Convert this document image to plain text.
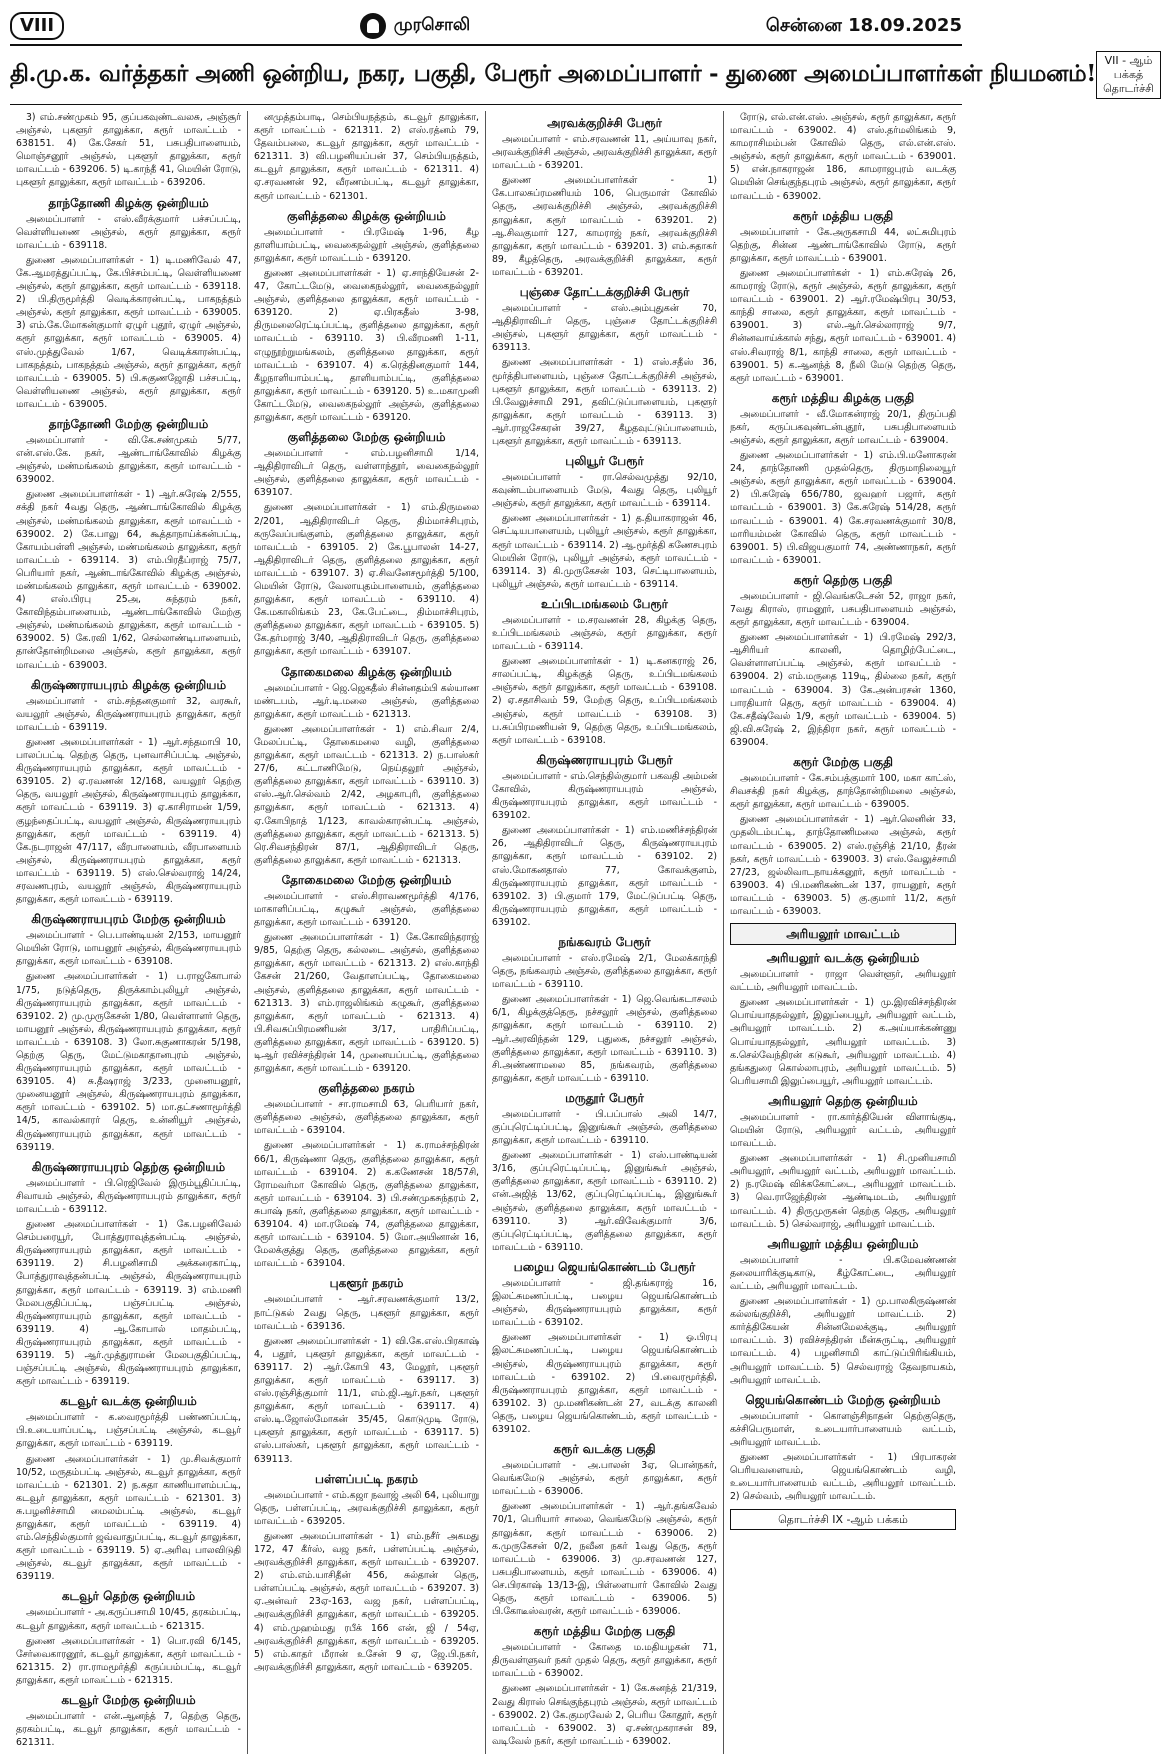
VIII	முரசொலி	சென்னை 18.09.2025
தி.மு.க. வர்த்தகர் அணி ஒன்றிய, நகர, பகுதி, பேரூர் அமைப்பாளர் - துணை அமைப்பாளர்கள் நியமனம்! VII - ஆம் பக்கத் தொடர்ச்சி

3) எம்.சண்முகம் 95, குப்பகவுண்டவலசு, அஞ்சூர் அஞ்சல், புகளூர் தாலுக்கா, கரூர் மாவட்டம் - 638151. 4) கே.சேகர் 51, பசுபதிபாளையம், மொஞ்சனூர் அஞ்சல், புகளூர் தாலுக்கா, கரூர் மாவட்டம் - 639206. 5) டி.காந்தீ 41, மெயின் ரோடு, புகளூர் தாலுக்கா, கரூர் மாவட்டம் - 639206.

தாந்தோணி கிழக்கு ஒன்றியம்

அமைப்பாளர் - எஸ்.வீரக்குமார் பச்சப்பட்டி, வெள்ளியணை அஞ்சல், கரூர் தாலுக்கா, கரூர் மாவட்டம் - 639118.

துணை அமைப்பாளர்கள் - 1) டி.மணிவேல் 47, கே.ஆமரத்துப்பட்டி, கே.பிச்சம்பட்டி, வெள்ளியணை அஞ்சல், கரூர் தாலுக்கா, கரூர் மாவட்டம் - 639118. 2) பி.திருமூர்த்தி வெடிக்காரன்பட்டி, பாகநத்தம் அஞ்சல், கரூர் தாலுக்கா, கரூர் மாவட்டம் - 639005. 3) எம்.கே.மோகன்குமார் ஏழுர் புதூர், ஏழுர் அஞ்சல், கரூர் தாலுக்கா, கரூர் மாவட்டம் - 639005. 4) எஸ்.முத்துவேல் 1/67, வெடிக்காரன்பட்டி, பாகநத்தம், பாகநத்தம் அஞ்சல், கரூர் தாலுக்கா, கரூர் மாவட்டம் - 639005. 5) பி.சுகுணஜோதி பச்சபட்டி, வெள்ளியணை அஞ்சல், கரூர் தாலுக்கா, கரூர் மாவட்டம் - 639005.

தாந்தோணி மேற்கு ஒன்றியம்

அமைப்பாளர் - வி.கே.சண்முகம் 5/77, என்.எஸ்.கே. நகர், ஆண்டாங்கோவில் கிழக்கு அஞ்சல், மண்மங்கலம் தாலுக்கா, கரூர் மாவட்டம் - 639002.

துணை அமைப்பாளர்கள் - 1) ஆர்.சுரேஷ் 2/555, சக்தி நகர் 4வது தெரு, ஆண்டாங்கோவில் கிழக்கு அஞ்சல், மண்மங்கலம் தாலுக்கா, கரூர் மாவட்டம் - 639002. 2) கே.பாலு 64, கூத்தாநாய்க்கன்பட்டி, கோயம்பள்ளி அஞ்சல், மண்மங்கலம் தாலுக்கா, கரூர் மாவட்டம் - 639114. 3) எம்.பிரதீப்ராஜ் 75/7, பெரியார் நகர், ஆண்டாங்கோவில் கிழக்கு அஞ்சல், மண்மங்கலம் தாலுக்கா, கரூர் மாவட்டம் - 639002. 4) எஸ்.பிரபு 25அ, சுந்தரம் நகர், கோவிந்தம்பாளையம், ஆண்டாங்கோவில் மேற்கு அஞ்சல், மண்மங்கலம் தாலுக்கா, கரூர் மாவட்டம் - 639002. 5) கே.ரவி 1/62, செல்லாண்டிபாளையம், தான்தோன்றிமலை அஞ்சல், கரூர் தாலுக்கா, கரூர் மாவட்டம் - 639003.

கிருஷ்ணராயபுரம் கிழக்கு ஒன்றியம்

அமைப்பாளர் - எம்.சந்தனகுமார் 32, வரகூர், வயலூர் அஞ்சல், கிருஷ்ணராயபுரம் தாலுக்கா, கரூர் மாவட்டம் - 639119.

துணை அமைப்பாளர்கள் - 1) ஆர்.சந்தமாபி 10, பாலப்பட்டி தெற்கு தெரு, புனவாசிப்பட்டி அஞ்சல், கிருஷ்ணராயபுரம் தாலுக்கா, கரூர் மாவட்டம் - 639105. 2) ஏ.ரவணன் 12/168, வயலூர் தெற்கு தெரு, வயலூர் அஞ்சல், கிருஷ்ணராயபுரம் தாலுக்கா, கரூர் மாவட்டம் - 639119. 3) ஏ.காசிராமன் 1/59, குழந்தைப்பட்டி, வயலூர் அஞ்சல், கிருஷ்ணராயபுரம் தாலுக்கா, கரூர் மாவட்டம் - 639119. 4) கே.நடராஜன் 47/117, வீரபாளையம், வீரபாளையம் அஞ்சல், கிருஷ்ணராயபுரம் தாலுக்கா, கரூர் மாவட்டம் - 639119. 5) எஸ்.செல்வராஜ் 14/24, சரவணபுரம், வயலூர் அஞ்சல், கிருஷ்ணராயபுரம் தாலுக்கா, கரூர் மாவட்டம் - 639119.

கிருஷ்ணராயபுரம் மேற்கு ஒன்றியம்

அமைப்பாளர் - பெ.பாண்டியன் 2/153, மாயனூர் மெயின் ரோடு, மாயனூர் அஞ்சல், கிருஷ்ணராயபுரம் தாலுக்கா, கரூர் மாவட்டம் - 639108.

துணை அமைப்பாளர்கள் - 1) ப.ராஜகோபால் 1/75, நடுத்தெரு, திருக்காம்புலியூர் அஞ்சல், கிருஷ்ணராயபுரம் தாலுக்கா, கரூர் மாவட்டம் - 639102. 2) மு.முருகேசன் 1/80, வெள்ளாளர் தெரு, மாயனூர் அஞ்சல், கிருஷ்ணராயபுரம் தாலுக்கா, கரூர் மாவட்டம் - 639108. 3) லோ.சுகுணாகரன் 5/198, தெற்கு தெரு, மேட்டுமகாதானபுரம் அஞ்சல், கிருஷ்ணராயபுரம் தாலுக்கா, கரூர் மாவட்டம் - 639105. 4) சு.தீஷராஜ் 3/233, முனையனூர், முனையனூர் அஞ்சல், கிருஷ்ணராயபுரம் தாலுக்கா, கரூர் மாவட்டம் - 639102. 5) மா.தட்சணாமூர்த்தி 14/5, காவல்காரர் தெரு, உன்னியூர் அஞ்சல், கிருஷ்ணராயபுரம் தாலுக்கா, கரூர் மாவட்டம் - 639119.

கிருஷ்ணராயபுரம் தெற்கு ஒன்றியம்

அமைப்பாளர் - பி.ரெஜிவேல் இரும்பூதிப்பட்டி, சிவாயம் அஞ்சல், கிருஷ்ணராயபுரம் தாலுக்கா, கரூர் மாவட்டம் - 639112.

துணை அமைப்பாளர்கள் - 1) கே.பழனிவேல் செம்பரையூர், போத்துராவுத்தன்பட்டி அஞ்சல், கிருஷ்ணராயபுரம் தாலுக்கா, கரூர் மாவட்டம் - 639119. 2) சி.பழனிசாமி அக்கரைகாட்டி, போத்துராவுத்தன்பட்டி அஞ்சல், கிருஷ்ணராயபுரம் தாலுக்கா, கரூர் மாவட்டம் - 639119. 3) எம்.மணி மேலபகுதிப்பட்டி, பஞ்சப்பட்டி அஞ்சல், கிருஷ்ணராயபுரம் தாலுக்கா, கரூர் மாவட்டம் - 639119. 4) ஆ.கோபால் மாதம்பட்டி, கிருஷ்ணராயபுரம் தாலுக்கா, கரூர் மாவட்டம் - 639119. 5) ஆர்.முத்துராமன் மேலபகுதிப்பட்டி, பஞ்சப்பட்டி அஞ்சல், கிருஷ்ணராயபுரம் தாலுக்கா, கரூர் மாவட்டம் - 639119.

கடவூர் வடக்கு ஒன்றியம்

அமைப்பாளர் - க.வைரமூர்த்தி பண்ணப்பட்டி, பி.உடையாப்பட்டி, பஞ்சப்பட்டி அஞ்சல், கடவூர் தாலுக்கா, கரூர் மாவட்டம் - 639119.

துணை அமைப்பாளர்கள் - 1) மு.சிவக்குமார் 10/52, மருதம்பட்டி அஞ்சல், கடவூர் தாலுக்கா, கரூர் மாவட்டம் - 621301. 2) ந.சுதா காணியாளம்பட்டி, கடவூர் தாலுக்கா, கரூர் மாவட்டம் - 621301. 3) சு.பழனிச்சாமி மைலம்பட்டி அஞ்சல், கடவூர் தாலுக்கா, கரூர் மாவட்டம் - 639119. 4) எம்.செந்தில்குமார் ஜவ்வாதுப்பட்டி, கடவூர் தாலுக்கா, கரூர் மாவட்டம் - 639119. 5) ஏ.அரிவு பாலவிடுதி அஞ்சல், கடவூர் தாலுக்கா, கரூர் மாவட்டம் - 639119.

கடவூர் தெற்கு ஒன்றியம்

அமைப்பாளர் - அ.கருப்பசாமி 10/45, தரகம்பட்டி, கடவூர் தாலுக்கா, கரூர் மாவட்டம் - 621315.

துணை அமைப்பாளர்கள் - 1) பொ.ரவி 6/145, சேர்வைகாரனூர், கடவூர் தாலுக்கா, கரூர் மாவட்டம் - 621315. 2) ரா.ராமமூர்த்தி கருப்பம்பட்டி, கடவூர் தாலுக்கா, கரூர் மாவட்டம் - 621315.

கடவூர் மேற்கு ஒன்றியம்

அமைப்பாளர் - என்.ஆனந்த் 7, தெற்கு தெரு, தரகம்பட்டி, கடவூர் தாலுக்கா, கரூர் மாவட்டம் - 621311.

னமுத்தம்பாடி, செம்பியநத்தம், கடவூர் தாலுக்கா, கரூர் மாவட்டம் - 621311. 2) எஸ்.ரத்னம் 79, தேவம்பலை, கடவூர் தாலுக்கா, கரூர் மாவட்டம் - 621311. 3) வி.பழனியப்பன் 37, செம்பியநத்தம், கடவூர் தாலுக்கா, கரூர் மாவட்டம் - 621311. 4) ஏ.சரவணன் 92, வீரணம்பட்டி, கடவூர் தாலுக்கா, கரூர் மாவட்டம் - 621301.

குளித்தலை கிழக்கு ஒன்றியம்

அமைப்பாளர் - பி.ரமேஷ் 1-96, கீழ தாளியாம்பட்டி, வைகைநல்லூர் அஞ்சல், குளித்தலை தாலுக்கா, கரூர் மாவட்டம் - 639120.

துணை அமைப்பாளர்கள் - 1) ஏ.சாந்தியேசன் 2-47, கோட்டமேடு, வைகைநல்லூர், வைகைநல்லூர் அஞ்சல், குளித்தலை தாலுக்கா, கரூர் மாவட்டம் - 639120. 2) ஏ.பிரகதீஸ் 3-98, திருமலைரெட்டிப்பட்டி, குளித்தலை தாலுக்கா, கரூர் மாவட்டம் - 639110. 3) பி.வீரமணி 1-11, எழுநூற்றுமங்கலம், குளித்தலை தாலுக்கா, கரூர் மாவட்டம் - 639107. 4) க.ரெத்தினகுமார் 144, கீழநாளியாம்பட்டி, தாளியாம்பட்டி, குளித்தலை தாலுக்கா, கரூர் மாவட்டம் - 639120. 5) உ.மகாமுனி கோட்டமேடு, வைகைநல்லூர் அஞ்சல், குளித்தலை தாலுக்கா, கரூர் மாவட்டம் - 639120.

குளித்தலை மேற்கு ஒன்றியம்

அமைப்பாளர் - எம்.பழனிசாமி 1/14, ஆதிதிராவிடர் தெரு, வள்ளாந்தூர், வைகைநல்லூர் அஞ்சல், குளித்தலை தாலுக்கா, கரூர் மாவட்டம் - 639107.

துணை அமைப்பாளர்கள் - 1) எம்.திருமலை 2/201, ஆதிதிராவிடர் தெரு, திம்மாச்சிபுரம், கருவேப்பங்குளம், குளித்தலை தாலுக்கா, கரூர் மாவட்டம் - 639105. 2) கே.பூபாலன் 14-27, ஆதிதிராவிடர் தெரு, குளித்தலை தாலுக்கா, கரூர் மாவட்டம் - 639107. 3) ஏ.சிவனேசமூர்த்தி 5/100, மெயின் ரோடு, வேலாயுதம்பாளையம், குளித்தலை தாலுக்கா, கரூர் மாவட்டம் - 639110. 4) கே.மகாலிங்கம் 23, கே.பேட்டை, திம்மாச்சிபுரம், குளித்தலை தாலுக்கா, கரூர் மாவட்டம் - 639105. 5) கே.தர்மராஜ் 3/40, ஆதிதிராவிடர் தெரு, குளித்தலை தாலுக்கா, கரூர் மாவட்டம் - 639107.

தோகைமலை கிழக்கு ஒன்றியம்

அமைப்பாளர் - ஜெ.ஜெகதீஸ் சின்னதம்பி கல்யாண மண்டபம், ஆர்.டி.மலை அஞ்சல், குளித்தலை தாலுக்கா, கரூர் மாவட்டம் - 621313.

துணை அமைப்பாளர்கள் - 1) எம்.சிவா 2/4, மேலப்பட்டி, தோகைமலை வழி, குளித்தலை தாலுக்கா, கரூர் மாவட்டம் - 621313. 2) ந.பாஸ்கர் 27/6, கட்டாணிமேடு, நெய்தலூர் அஞ்சல், குளித்தலை தாலுக்கா, கரூர் மாவட்டம் - 639110. 3) எஸ்.ஆர்.செல்வம் 2/42, அழகாபுரி, குளித்தலை தாலுக்கா, கரூர் மாவட்டம் - 621313. 4) ஏ.கோபிநாத் 1/123, காவல்காரன்பட்டி அஞ்சல், குளித்தலை தாலுக்கா, கரூர் மாவட்டம் - 621313. 5) ரெ.சிவசந்திரன் 87/1, ஆதிதிராவிடர் தெரு, குளித்தலை தாலுக்கா, கரூர் மாவட்டம் - 621313.

தோகைமலை மேற்கு ஒன்றியம்

அமைப்பாளர் - எஸ்.சிராவணமூர்த்தி 4/176, மாகாளிப்பட்டி, கழுகூர் அஞ்சல், குளித்தலை தாலுக்கா, கரூர் மாவட்டம் - 639120.

துணை அமைப்பாளர்கள் - 1) கே.கோவிந்தராஜ் 9/85, தெற்கு தெரு, கல்லடை அஞ்சல், குளித்தலை தாலுக்கா, கரூர் மாவட்டம் - 621313. 2) எஸ்.காந்தி கேசன் 21/260, வேதாளப்பட்டி, தோகைமலை அஞ்சல், குளித்தலை தாலுக்கா, கரூர் மாவட்டம் - 621313. 3) எம்.ராஜலிங்கம் கழுகூர், குளித்தலை தாலுக்கா, கரூர் மாவட்டம் - 621313. 4) பி.சிவசுப்பிரமணியன் 3/17, பாதிரிப்பட்டி, குளித்தலை தாலுக்கா, கரூர் மாவட்டம் - 639120. 5) டிஆர் ரவிச்சந்திரன் 14, முனையப்பட்டி, குளித்தலை தாலுக்கா, கரூர் மாவட்டம் - 639120.

குளித்தலை நகரம்

அமைப்பாளர் - சா.ராமசாமி 63, பெரியார் நகர், குளித்தலை அஞ்சல், குளித்தலை தாலுக்கா, கரூர் மாவட்டம் - 639104.

துணை அமைப்பாளர்கள் - 1) க.ராமச்சந்திரன் 66/1, கிருஷ்ணா தெரு, குளித்தலை தாலுக்கா, கரூர் மாவட்டம் - 639104. 2) க.கணேசன் 18/57சி, ரோமவர்மா கோவில் தெரு, குளித்தலை தாலுக்கா, கரூர் மாவட்டம் - 639104. 3) பி.சண்முகசுந்தரம் 2, சுபாஷ் நகர், குளித்தலை தாலுக்கா, கரூர் மாவட்டம் - 639104. 4) மா.ரமேஷ் 74, குளித்தலை தாலுக்கா, கரூர் மாவட்டம் - 639104. 5) மோ.அயினான் 16, மேலக்குத்து தெரு, குளித்தலை தாலுக்கா, கரூர் மாவட்டம் - 639104.

புகளூர் நகரம்

அமைப்பாளர் - ஆர்.சரவணக்குமார் 13/2, நாட்டுகல் 2வது தெரு, புகளூர் தாலுக்கா, கரூர் மாவட்டம் - 639136.

துணை அமைப்பாளர்கள் - 1) வி.கே.எஸ்.பிரகாஷ் 4, பதூர், புகளூர் தாலுக்கா, கரூர் மாவட்டம் - 639117. 2) ஆர்.கோபி 43, மேலூர், புகளூர் தாலுக்கா, கரூர் மாவட்டம் - 639117. 3) எஸ்.ரஞ்சித்குமார் 11/1, எம்.ஜி.ஆர்.நகர், புகளூர் தாலுக்கா, கரூர் மாவட்டம் - 639117. 4) எஸ்.டி.ஜோஸ்மோகன் 35/45, கொடுமுடி ரோடு, புகளூர் தாலுக்கா, கரூர் மாவட்டம் - 639117. 5) எஸ்.பாஸ்கர், புகளூர் தாலுக்கா, கரூர் மாவட்டம் - 639113.

பள்ளப்பட்டி நகரம்

அமைப்பாளர் - எம்.கஜா நவாஜ் அலி 64, புலியாறு தெரு, பள்ளப்பட்டி, அரவக்குறிச்சி தாலுக்கா, கரூர் மாவட்டம் - 639205.

துணை அமைப்பாளர்கள் - 1) எம்.நசீர் அகமது 172, 47 கீர்ஸ், வஜ நகர், பள்ளப்பட்டி அஞ்சல், அரவக்குறிச்சி தாலுக்கா, கரூர் மாவட்டம் - 639207. 2) எம்.எம்.யாசிதீன் 456, சுல்தான் தெரு, பள்ளப்பட்டி அஞ்சல், கரூர் மாவட்டம் - 639207. 3) ஏ.அன்வர் 23ஏ-163, வஜ நகர், பள்ளப்பட்டி, அரவக்குறிச்சி தாலுக்கா, கரூர் மாவட்டம் - 639205. 4) எம்.முஹம்மது ரபீக் 166 என், ஜி / 54ஏ, அரவக்குறிச்சி தாலுக்கா, கரூர் மாவட்டம் - 639205. 5) எம்.காதர் மீரான் உசேன் 9 ஏ, ஜே.பி.நகர், அரவக்குறிச்சி தாலுக்கா, கரூர் மாவட்டம் - 639205.

அரவக்குறிச்சி பேரூர்

அமைப்பாளர் - எம்.சரவணன் 11, அய்யாவு நகர், அரவக்குறிச்சி அஞ்சல், அரவக்குறிச்சி தாலுக்கா, கரூர் மாவட்டம் - 639201.

துணை அமைப்பாளர்கள் - 1) கே.பாலசுப்ரமணியம் 106, பெருமாள் கோவில் தெரு, அரவக்குறிச்சி அஞ்சல், அரவக்குறிச்சி தாலுக்கா, கரூர் மாவட்டம் - 639201. 2) ஆ.சிவகுமார் 127, காமராஜ் நகர், அரவக்குறிச்சி தாலுக்கா, கரூர் மாவட்டம் - 639201. 3) எம்.சுதாகர் 89, கீழத்தெரு, அரவக்குறிச்சி தாலுக்கா, கரூர் மாவட்டம் - 639201.

புஞ்சை தோட்டக்குறிச்சி பேரூர்

அமைப்பாளர் - எஸ்.அம்புதுகன் 70, ஆதிதிராவிடர் தெரு, புஞ்சை தோட்டக்குறிச்சி அஞ்சல், புகளூர் தாலுக்கா, கரூர் மாவட்டம் - 639113.

துணை அமைப்பாளர்கள் - 1) எஸ்.சதீஸ் 36, மூர்த்திபாளையம், புஞ்சை தோட்டக்குறிச்சி அஞ்சல், புகளூர் தாலுக்கா, கரூர் மாவட்டம் - 639113. 2) பி.வேலுச்சாமி 291, தவிட்டுப்பாளையம், புகளூர் தாலுக்கா, கரூர் மாவட்டம் - 639113. 3) ஆர்.ராஜசேகரன் 39/27, கீழதவுட்டுப்பாளையம், புகளூர் தாலுக்கா, கரூர் மாவட்டம் - 639113.

புலியூர் பேரூர்

அமைப்பாளர் - ரா.செல்வமுத்து 92/10, கவுண்டம்பாளையம் மேடு, 4வது தெரு, புலியூர் அஞ்சல், கரூர் தாலுக்கா, கரூர் மாவட்டம் - 639114.

துணை அமைப்பாளர்கள் - 1) த.தியாகராஜன் 46, செட்டியபாளையம், புலியூர் அஞ்சல், கரூர் தாலுக்கா, கரூர் மாவட்டம் - 639114. 2) ஆ.மூர்த்தி கணேசபுரம் மெயின் ரோடு, புலியூர் அஞ்சல், கரூர் மாவட்டம் - 639114. 3) கி.முருகேசன் 103, செட்டிபாளையம், புலியூர் அஞ்சல், கரூர் மாவட்டம் - 639114.

உப்பிடமங்கலம் பேரூர்

அமைப்பாளர் - ம.சரவணன் 28, கிழக்கு தெரு, உப்பிடமங்கலம் அஞ்சல், கரூர் தாலுக்கா, கரூர் மாவட்டம் - 639114.

துணை அமைப்பாளர்கள் - 1) டி.கனகராஜ் 26, சாலப்பட்டி, கிழக்குத் தெரு, உப்பிடமங்கலம் அஞ்சல், கரூர் தாலுக்கா, கரூர் மாவட்டம் - 639108. 2) ஏ.சதாசிவம் 59, மேற்கு தெரு, உப்பிடமங்கலம் அஞ்சல், கரூர் மாவட்டம் - 639108. 3) ப.சுப்பிரமணியன் 9, தெற்கு தெரு, உப்பிடமங்கலம், கரூர் மாவட்டம் - 639108.

கிருஷ்ணராயபுரம் பேரூர்

அமைப்பாளர் - எம்.செந்தில்குமார் பகவதி அம்மன் கோவில், கிருஷ்ணராயபுரம் அஞ்சல், கிருஷ்ணராயபுரம் தாலுக்கா, கரூர் மாவட்டம் - 639102.

துணை அமைப்பாளர்கள் - 1) எம்.மணிச்சந்திரன் 26, ஆதிதிராவிடர் தெரு, கிருஷ்ணராயபுரம் தாலுக்கா, கரூர் மாவட்டம் - 639102. 2) எஸ்.மோகனதாஸ் 77, கோவக்குளம், கிருஷ்ணராயபுரம் தாலுக்கா, கரூர் மாவட்டம் - 639102. 3) பி.குமார் 179, மேட்டுப்பட்டி தெரு, கிருஷ்ணராயபுரம் தாலுக்கா, கரூர் மாவட்டம் - 639102.

நங்கவரம் பேரூர்

அமைப்பாளர் - எஸ்.ரமேஷ் 2/1, மேலக்காந்தி தெரு, நங்கவரம் அஞ்சல், குளித்தலை தாலுக்கா, கரூர் மாவட்டம் - 639110.

துணை அமைப்பாளர்கள் - 1) ஜெ.வெங்கடாசலம் 6/1, கிழக்குத்தெரு, நச்சலூர் அஞ்சல், குளித்தலை தாலுக்கா, கரூர் மாவட்டம் - 639110. 2) ஆர்.அரவிந்தன் 129, புதுகை, நச்சலூர் அஞ்சல், குளித்தலை தாலுக்கா, கரூர் மாவட்டம் - 639110. 3) சி.அண்ணாமலை 85, நங்கவரம், குளித்தலை தாலுக்கா, கரூர் மாவட்டம் - 639110.

மருதூர் பேரூர்

அமைப்பாளர் - பி.பப்பாஸ் அலி 14/7, குப்புரெட்டிப்பட்டி, இனுங்கூர் அஞ்சல், குளித்தலை தாலுக்கா, கரூர் மாவட்டம் - 639110.

துணை அமைப்பாளர்கள் - 1) எஸ்.பாண்டியன் 3/16, குப்புரெட்டிப்பட்டி, இனுங்கூர் அஞ்சல், குளித்தலை தாலுக்கா, கரூர் மாவட்டம் - 639110. 2) என்.அஜித் 13/62, குப்புரெட்டிப்பட்டி, இனுங்கூர் அஞ்சல், குளித்தலை தாலுக்கா, கரூர் மாவட்டம் - 639110. 3) ஆர்.விவேக்குமார் 3/6, குப்புரெட்டிப்பட்டி, குளித்தலை தாலுக்கா, கரூர் மாவட்டம் - 639110.

பழைய ஜெயங்கொண்டம் பேரூர்

அமைப்பாளர் - ஜி.தங்கராஜ் 16, இலட்சுமணப்பட்டி, பழைய ஜெயங்கொண்டம் அஞ்சல், கிருஷ்ணராயபுரம் தாலுக்கா, கரூர் மாவட்டம் - 639102.

துணை அமைப்பாளர்கள் - 1) ஓ.பிரபு இலட்சுமணப்பட்டி, பழைய ஜெயங்கொண்டம் அஞ்சல், கிருஷ்ணராயபுரம் தாலுக்கா, கரூர் மாவட்டம் - 639102. 2) பி.வைரமூர்த்தி, கிருஷ்ணராயபுரம் தாலுக்கா, கரூர் மாவட்டம் - 639102. 3) மு.மணிகண்டன் 27, வடக்கு காலனி தெரு, பழைய ஜெயங்கொண்டம், கரூர் மாவட்டம் - 639102.

கரூர் வடக்கு பகுதி

அமைப்பாளர் - அ.பாலன் 3ஏ, பொன்நகர், வெங்கமேடு அஞ்சல், கரூர் தாலுக்கா, கரூர் மாவட்டம் - 639006.

துணை அமைப்பாளர்கள் - 1) ஆர்.தங்கவேல் 70/1, பெரியார் சாலை, வெங்கமேடு அஞ்சல், கரூர் தாலுக்கா, கரூர் மாவட்டம் - 639006. 2) க.முருகேசன் 0/2, நவீன நகர் 1வது தெரு, கரூர் மாவட்டம் - 639006. 3) மு.சரவணன் 127, பசுபதிபாளையம், கரூர் மாவட்டம் - 639006. 4) செ.பிரகாஷ் 13/13-இ, பிள்ளையார் கோவில் 2வது தெரு, கரூர் மாவட்டம் - 639006. 5) பி.கோடீஸ்வரன், கரூர் மாவட்டம் - 639006.

கரூர் மத்திய மேற்கு பகுதி

அமைப்பாளர் - கோதை ம.மதியழகன் 71, திருவள்ளுவர் நகர் முதல் தெரு, கரூர் தாலுக்கா, கரூர் மாவட்டம் - 639002.

துணை அமைப்பாளர்கள் - 1) கே.சுனந்த் 21/319, 2வது கிராஸ் செங்குந்தபுரம் அஞ்சல், கரூர் மாவட்டம் - 639002. 2) கே.குமரவேல் 2, பெரிய கோதூர், கரூர் மாவட்டம் - 639002. 3) ஏ.சண்முகராசன் 89, வடிவேல் நகர், கரூர் மாவட்டம் - 639002.

ரோடு, எல்.என்.எஸ். அஞ்சல், கரூர் தாலுக்கா, கரூர் மாவட்டம் - 639002. 4) எஸ்.தர்மலிங்கம் 9, காமராசிமம்பன் கோவில் தெரு, எல்.என்.எஸ். அஞ்சல், கரூர் தாலுக்கா, கரூர் மாவட்டம் - 639001. 5) என்.நாகராஜன் 186, காமராஜபுரம் வடக்கு மெயின் செங்குந்தபுரம் அஞ்சல், கரூர் தாலுக்கா, கரூர் மாவட்டம் - 639002.

கரூர் மத்திய பகுதி

அமைப்பாளர் - கே.அருகசாமி 44, லட்சுமிபுரம் தெற்கு, சின்ன ஆண்டாங்கோவில் ரோடு, கரூர் தாலுக்கா, கரூர் மாவட்டம் - 639001.

துணை அமைப்பாளர்கள் - 1) எம்.சுரேஷ் 26, காமராஜ் ரோடு, கரூர் அஞ்சல், கரூர் தாலுக்கா, கரூர் மாவட்டம் - 639001. 2) ஆர்.ரமேஷ்பிரபு 30/53, காந்தி சாலை, கரூர் தாலுக்கா, கரூர் மாவட்டம் - 639001. 3) எல்.ஆர்.செல்லாராஜ் 9/7, சின்னவாய்க்கால் சந்து, கரூர் மாவட்டம் - 639001. 4) எஸ்.சிவராஜ் 8/1, காந்தி சாலை, கரூர் மாவட்டம் - 639001. 5) க.ஆனந்த் 8, நீலி மேடு தெற்கு தெரு, கரூர் மாவட்டம் - 639001.

கரூர் மத்திய கிழக்கு பகுதி

அமைப்பாளர் - வீ.மோகன்ராஜ் 20/1, திருப்பதி நகர், கருப்பகவுண்டன்புதூர், பசுபதிபாளையம் அஞ்சல், கரூர் தாலுக்கா, கரூர் மாவட்டம் - 639004.

துணை அமைப்பாளர்கள் - 1) எம்.பி.மனோகரன் 24, தாந்தோணி முதல்தெரு, திருமாநிலையூர் அஞ்சல், கரூர் தாலுக்கா, கரூர் மாவட்டம் - 639004. 2) பி.சுரேஷ் 656/780, ஜவஹர் பஜார், கரூர் மாவட்டம் - 639001. 3) கே.சுரேஷ் 514/28, கரூர் மாவட்டம் - 639001. 4) கே.சரவணக்குமார் 30/8, மாரியம்மன் கோவில் தெரு, கரூர் மாவட்டம் - 639001. 5) பி.விஜயகுமார் 74, அண்ணாநகர், கரூர் மாவட்டம் - 639001.

கரூர் தெற்கு பகுதி

அமைப்பாளர் - ஜி.வெங்கடேசன் 52, ராஜா நகர், 7வது கிராஸ், ராமனூர், பசுபதிபாளையம் அஞ்சல், கரூர் தாலுக்கா, கரூர் மாவட்டம் - 639004.

துணை அமைப்பாளர்கள் - 1) பி.ரமேஷ் 292/3, ஆசிரியர் காலனி, தொழிற்பேட்டை, வெள்ளாளப்பட்டி அஞ்சல், கரூர் மாவட்டம் - 639004. 2) எம்.மருதை 119டி, தில்லை நகர், கரூர் மாவட்டம் - 639004. 3) கே.அன்பரசன் 1360, பாரதியார் தெரு, கரூர் மாவட்டம் - 639004. 4) கே.சதீஷ்வேல் 1/9, கரூர் மாவட்டம் - 639004. 5) ஜி.வி.சுரேஷ் 2, இந்திரா நகர், கரூர் மாவட்டம் - 639004.

கரூர் மேற்கு பகுதி

அமைப்பாளர் - கே.சம்பத்குமார் 100, மகா காட்ஸ், சிவசக்தி நகர் கிழக்கு, தாந்தோன்றிமலை அஞ்சல், கரூர் தாலுக்கா, கரூர் மாவட்டம் - 639005.

துணை அமைப்பாளர்கள் - 1) ஆர்.லெனின் 33, முதலிடம்பட்டி, தாந்தோணிமலை அஞ்சல், கரூர் மாவட்டம் - 639005. 2) எஸ்.ரஞ்சித் 21/10, தீரன் நகர், கரூர் மாவட்டம் - 639003. 3) எஸ்.வேலுச்சாமி 27/23, ஜல்லிவாடநாயக்கனூர், கரூர் மாவட்டம் - 639003. 4) பி.மணிகண்டன் 137, ராயனூர், கரூர் மாவட்டம் - 639003. 5) கு.குமார் 11/2, கரூர் மாவட்டம் - 639003.

அரியலூர் மாவட்டம்
அரியலூர் வடக்கு ஒன்றியம்

அமைப்பாளர் - ராஜா வெள்ளூர், அரியலூர் வட்டம், அரியலூர் மாவட்டம்.

துணை அமைப்பாளர்கள் - 1) மு.இரவிச்சந்திரன் பொய்யாதநல்லூர், இலுப்பையூர், அரியலூர் வட்டம், அரியலூர் மாவட்டம். 2) க.அய்யாக்கண்ணு பொய்யாதநல்லூர், அரியலூர் மாவட்டம். 3) க.செல்வேந்திரன் கடுகூர், அரியலூர் மாவட்டம். 4) தங்கதுரை கொல்லாபுரம், அரியலூர் மாவட்டம். 5) பெரியசாமி இலுப்பையூர், அரியலூர் மாவட்டம்.

அரியலூர் தெற்கு ஒன்றியம்

அமைப்பாளர் - ரா.கார்த்தியேன் விளாங்குடி, மெயின் ரோடு, அரியலூர் வட்டம், அரியலூர் மாவட்டம்.

துணை அமைப்பாளர்கள் - 1) சி.முனியசாமி அரியலூர், அரியலூர் வட்டம், அரியலூர் மாவட்டம். 2) ந.ரமேஷ் விக்ககோட்டை, அரியலூர் மாவட்டம். 3) வெ.ராஜேந்திரன் ஆண்டிமடம், அரியலூர் மாவட்டம். 4) திருமுருகன் தெற்கு தெரு, அரியலூர் மாவட்டம். 5) செல்வராஜ், அரியலூர் மாவட்டம்.

அரியலூர் மத்திய ஒன்றியம்

அமைப்பாளர் - பி.கமேவண்ணன் தலையாரிக்குடிகாடு, கீழ்கோட்டை, அரியலூர் வட்டம், அரியலூர் மாவட்டம்.

துணை அமைப்பாளர்கள் - 1) மு.பாலகிருஷ்ணன் கல்லங்குறிச்சி, அரியலூர் மாவட்டம். 2) கார்த்திகேயன் சின்னமேலக்குடி, அரியலூர் மாவட்டம். 3) ரவிச்சந்திரன் மீன்சுருட்டி, அரியலூர் மாவட்டம். 4) பழனிசாமி காட்டுப்பிரிங்கியம், அரியலூர் மாவட்டம். 5) செல்வராஜ் தேவநாயகம், அரியலூர் மாவட்டம்.

ஜெயங்கொண்டம் மேற்கு ஒன்றியம்

அமைப்பாளர் - கொளஞ்சிநாதன் தெற்குதெரு, கச்சிபெருமாள், உடையார்பாளையம் வட்டம், அரியலூர் மாவட்டம்.

துணை அமைப்பாளர்கள் - 1) பிரபாகரன் பெரியவளையம், ஜெயங்கொண்டம் வழி, உடையார்பாளையம் வட்டம், அரியலூர் மாவட்டம். 2) செல்வம், அரியலூர் மாவட்டம்.

தொடர்ச்சி IX -ஆம் பக்கம்
